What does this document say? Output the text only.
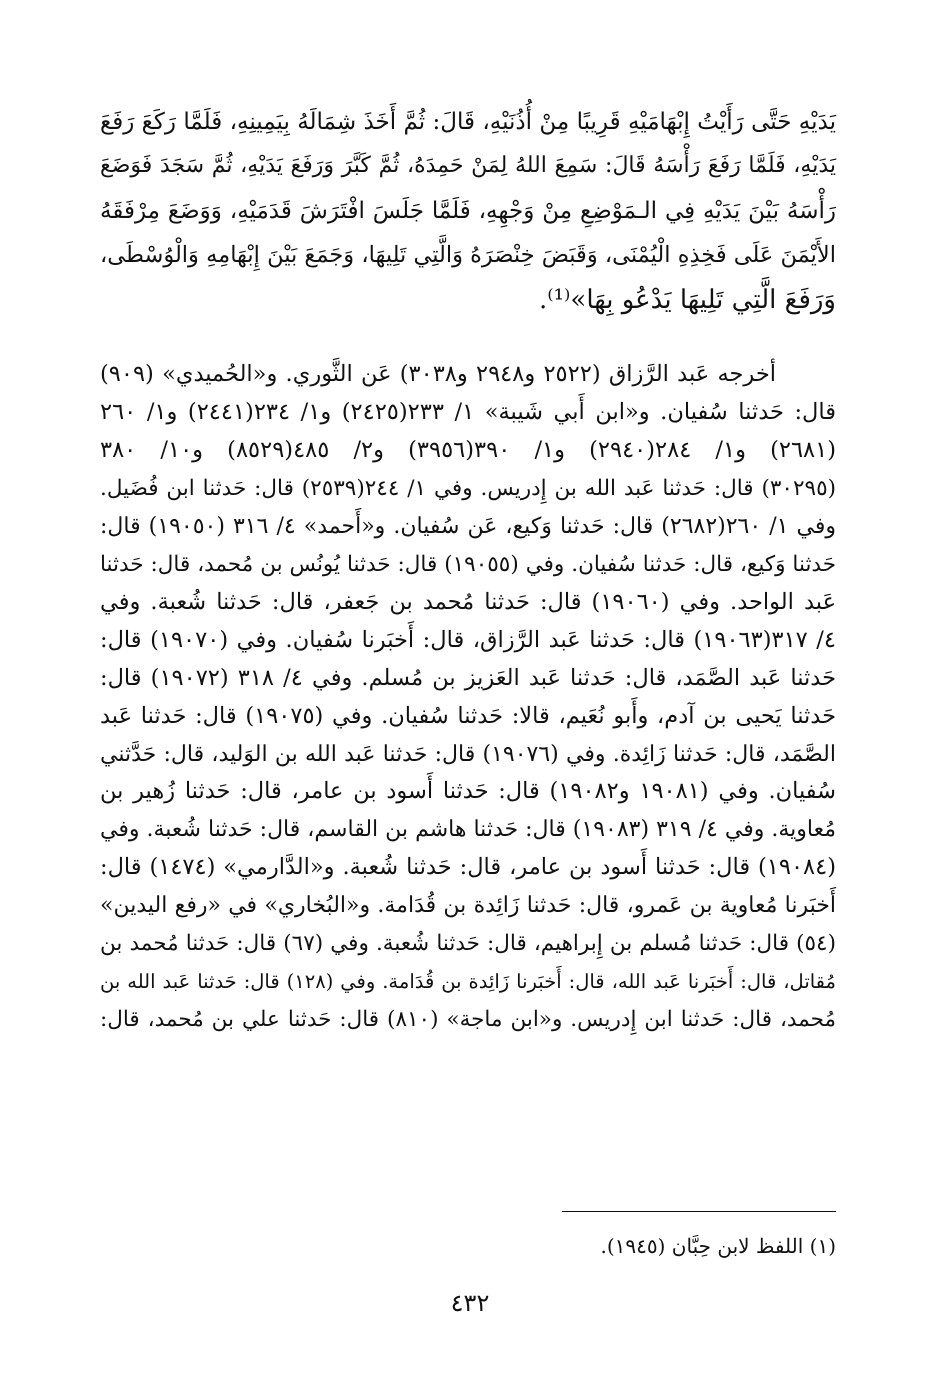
يَدَيْهِ حَتَّى رَأَيْتُ إِبْهَامَيْهِ قَرِيبًا مِنْ أُذُنَيْهِ، قَالَ: ثُمَّ أَخَذَ شِمَالَهُ بِيَمِينِهِ، فَلَمَّا رَكَعَ رَفَعَ
يَدَيْهِ، فَلَمَّا رَفَعَ رَأْسَهُ قَالَ: سَمِعَ اللهُ لِمَنْ حَمِدَهُ، ثُمَّ كَبَّرَ وَرَفَعَ يَدَيْهِ، ثُمَّ سَجَدَ فَوَضَعَ
رَأْسَهُ بَيْنَ يَدَيْهِ فِي الـمَوْضِعِ مِنْ وَجْهِهِ، فَلَمَّا جَلَسَ افْتَرَشَ قَدَمَيْهِ، وَوَضَعَ مِرْفَقَهُ
الأَيْمَنَ عَلَى فَخِذِهِ الْيُمْنَى، وَقَبَضَ خِنْصَرَهُ وَالَّتِي تَلِيهَا، وَجَمَعَ بَيْنَ إِبْهَامِهِ وَالْوُسْطَى،
وَرَفَعَ الَّتِي تَلِيهَا يَدْعُو بِهَا»⁽¹⁾.
أخرجه عَبد الرَّزاق (٢٥٢٢ و٢٩٤٨ و٣٠٣٨) عَن الثَّوري. و«الحُميدي» (٩٠٩)
قال: حَدثنا سُفيان. و«ابن أَبي شَيبة» ١/ ٢٣٣(٢٤٢٥) و١/ ٢٣٤(٢٤٤١) و١/ ٢٦٠
(٢٦٨١) و١/ ٢٨٤(٢٩٤٠) و١/ ٣٩٠(٣٩٥٦) و٢/ ٤٨٥(٨٥٢٩) و١٠/ ٣٨٠
(٣٠٢٩٥) قال: حَدثنا عَبد الله بن إِدريس. وفي ١/ ٢٤٤(٢٥٣٩) قال: حَدثنا ابن فُضَيل.
وفي ١/ ٢٦٠(٢٦٨٢) قال: حَدثنا وَكيع، عَن سُفيان. و«أَحمد» ٤/ ٣١٦ (١٩٠٥٠) قال:
حَدثنا وَكيع، قال: حَدثنا سُفيان. وفي (١٩٠٥٥) قال: حَدثنا يُونُس بن مُحمد، قال: حَدثنا
عَبد الواحد. وفي (١٩٠٦٠) قال: حَدثنا مُحمد بن جَعفر، قال: حَدثنا شُعبة. وفي
٤/ ٣١٧(١٩٠٦٣) قال: حَدثنا عَبد الرَّزاق، قال: أَخبَرنا سُفيان. وفي (١٩٠٧٠) قال:
حَدثنا عَبد الصَّمَد، قال: حَدثنا عَبد العَزيز بن مُسلم. وفي ٤/ ٣١٨ (١٩٠٧٢) قال:
حَدثنا يَحيى بن آدم، وأَبو نُعَيم، قالا: حَدثنا سُفيان. وفي (١٩٠٧٥) قال: حَدثنا عَبد
الصَّمَد، قال: حَدثنا زَائِدة. وفي (١٩٠٧٦) قال: حَدثنا عَبد الله بن الوَليد، قال: حَدَّثني
سُفيان. وفي (١٩٠٨١ و١٩٠٨٢) قال: حَدثنا أَسود بن عامر، قال: حَدثنا زُهير بن
مُعاوية. وفي ٤/ ٣١٩ (١٩٠٨٣) قال: حَدثنا هاشم بن القاسم، قال: حَدثنا شُعبة. وفي
(١٩٠٨٤) قال: حَدثنا أَسود بن عامر، قال: حَدثنا شُعبة. و«الدَّارمي» (١٤٧٤) قال:
أَخبَرنا مُعاوية بن عَمرو، قال: حَدثنا زَائِدة بن قُدَامة. و«البُخاري» في «رفع اليدين»
(٥٤) قال: حَدثنا مُسلم بن إِبراهيم، قال: حَدثنا شُعبة. وفي (٦٧) قال: حَدثنا مُحمد بن
مُقاتل، قال: أَخبَرنا عَبد الله، قال: أَخبَرنا زَائِدة بن قُدَامة. وفي (١٢٨) قال: حَدثنا عَبد الله بن
مُحمد، قال: حَدثنا ابن إِدريس. و«ابن ماجة» (٨١٠) قال: حَدثنا علي بن مُحمد، قال:
(١) اللفظ لابن حِبَّان (١٩٤٥).
٤٣٢
